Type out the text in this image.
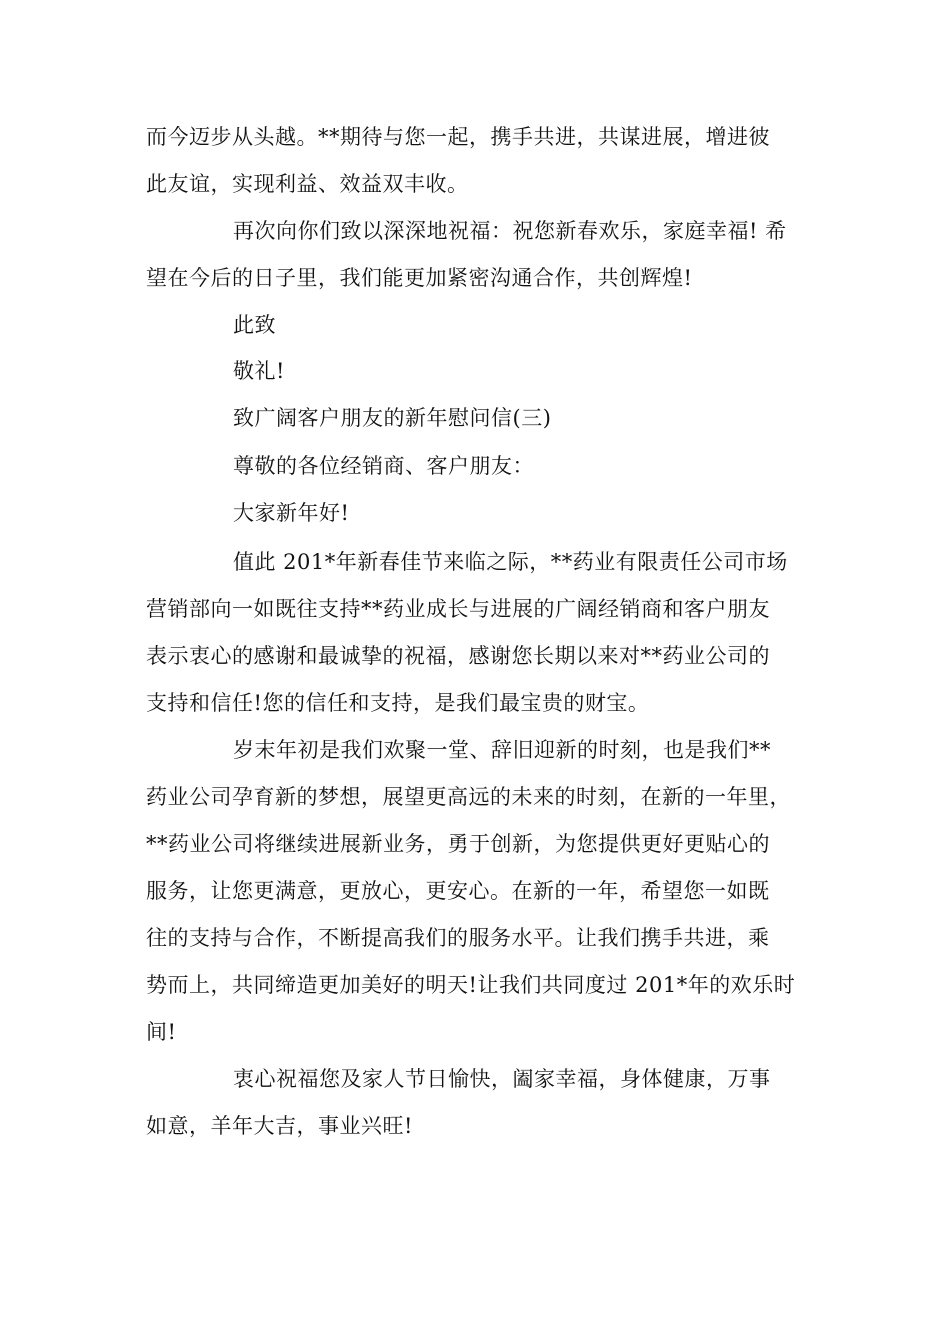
而今迈步从头越。**期待与您一起，携手共进，共谋进展，增进彼
此友谊，实现利益、效益双丰收。
再次向你们致以深深地祝福：祝您新春欢乐，家庭幸福! 希
望在今后的日子里，我们能更加紧密沟通合作，共创辉煌!
此致
敬礼!
致广阔客户朋友的新年慰问信(三)
尊敬的各位经销商、客户朋友：
大家新年好!
值此 201*年新春佳节来临之际，**药业有限责任公司市场
营销部向一如既往支持**药业成长与进展的广阔经销商和客户朋友
表示衷心的感谢和最诚挚的祝福，感谢您长期以来对**药业公司的
支持和信任!您的信任和支持，是我们最宝贵的财宝。
岁末年初是我们欢聚一堂、辞旧迎新的时刻，也是我们**
药业公司孕育新的梦想，展望更高远的未来的时刻，在新的一年里，
**药业公司将继续进展新业务，勇于创新，为您提供更好更贴心的
服务，让您更满意，更放心，更安心。在新的一年，希望您一如既
往的支持与合作，不断提高我们的服务水平。让我们携手共进，乘
势而上，共同缔造更加美好的明天!让我们共同度过 201*年的欢乐时
间!
衷心祝福您及家人节日愉快，阖家幸福，身体健康，万事
如意，羊年大吉，事业兴旺!
